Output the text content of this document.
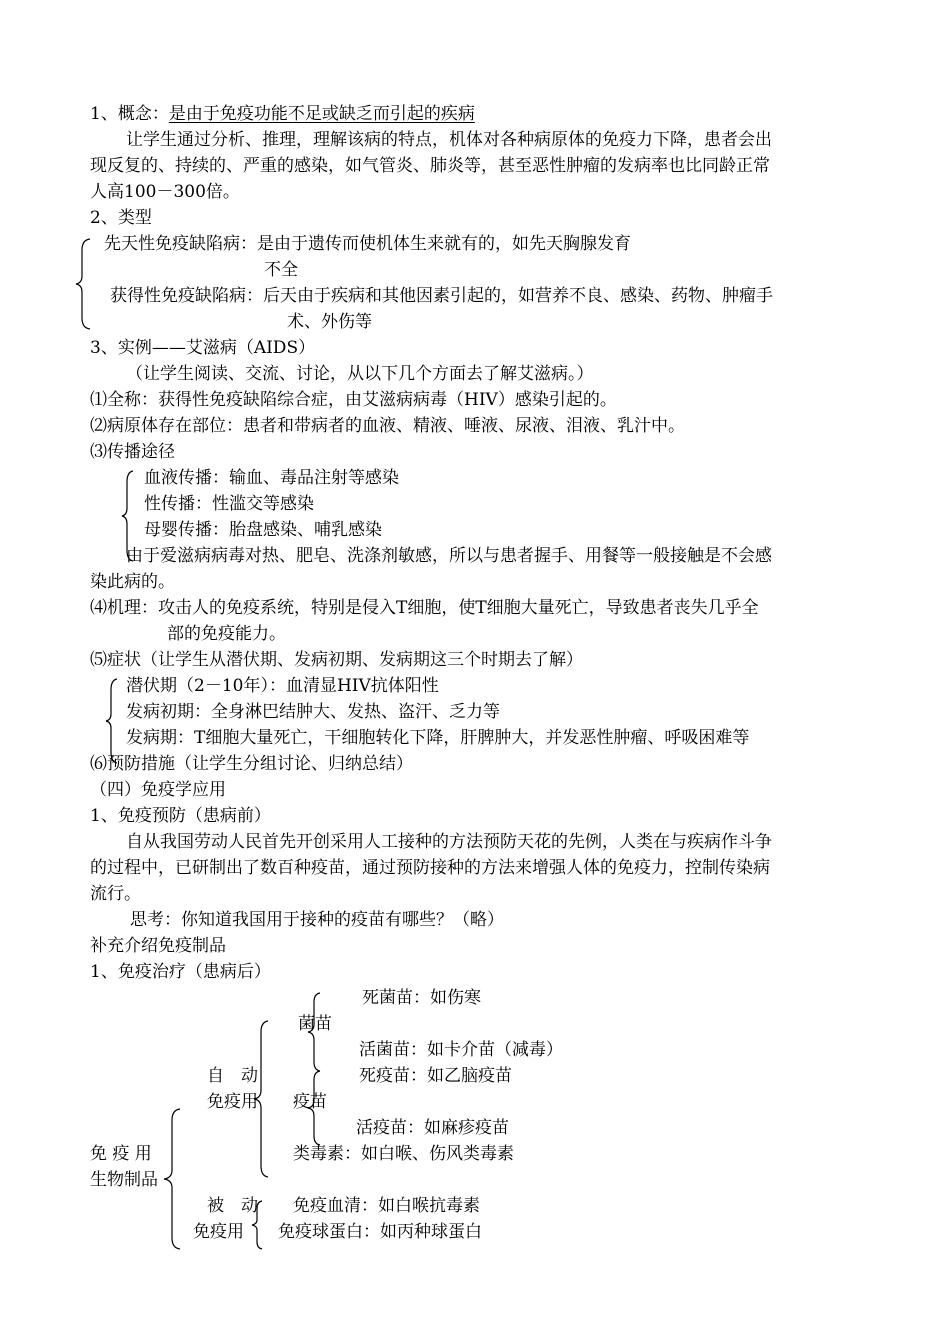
1、概念：是由于免疫功能不足或缺乏而引起的疾病
让学生通过分析、推理，理解该病的特点，机体对各种病原体的免疫力下降，患者会出
现反复的、持续的、严重的感染，如气管炎、肺炎等，甚至恶性肿瘤的发病率也比同龄正常
人高100－300倍。
2、类型
先天性免疫缺陷病：是由于遗传而使机体生来就有的，如先天胸腺发育
不全
获得性免疫缺陷病：后天由于疾病和其他因素引起的，如营养不良、感染、药物、肿瘤手
术、外伤等
3、实例——艾滋病（AIDS）
（让学生阅读、交流、讨论，从以下几个方面去了解艾滋病。）
⑴全称：获得性免疫缺陷综合症，由艾滋病病毒（HIV）感染引起的。
⑵病原体存在部位：患者和带病者的血液、精液、唾液、尿液、泪液、乳汁中。
⑶传播途径
血液传播：输血、毒品注射等感染
性传播：性滥交等感染
母婴传播：胎盘感染、哺乳感染
由于爱滋病病毒对热、肥皂、洗涤剂敏感，所以与患者握手、用餐等一般接触是不会感
染此病的。
⑷机理：攻击人的免疫系统，特别是侵入T细胞，使T细胞大量死亡，导致患者丧失几乎全
部的免疫能力。
⑸症状（让学生从潜伏期、发病初期、发病期这三个时期去了解）
潜伏期（2－10年）：血清显HIV抗体阳性
发病初期：全身淋巴结肿大、发热、盗汗、乏力等
发病期：T细胞大量死亡，干细胞转化下降，肝脾肿大，并发恶性肿瘤、呼吸困难等
⑹预防措施（让学生分组讨论、归纳总结）
（四）免疫学应用
1、免疫预防（患病前）
自从我国劳动人民首先开创采用人工接种的方法预防天花的先例，人类在与疾病作斗争
的过程中，已研制出了数百种疫苗，通过预防接种的方法来增强人体的免疫力，控制传染病
流行。
思考：你知道我国用于接种的疫苗有哪些？（略）
补充介绍免疫制品
1、免疫治疗（患病后）
死菌苗：如伤寒
菌苗
活菌苗：如卡介苗（减毒）
自　动	死疫苗：如乙脑疫苗
免疫用 疫苗
活疫苗：如麻疹疫苗
类毒素：如白喉、伤风类毒素
免 疫 用
生物制品
被　动 免疫血清：如白喉抗毒素
免疫用 免疫球蛋白：如丙种球蛋白
